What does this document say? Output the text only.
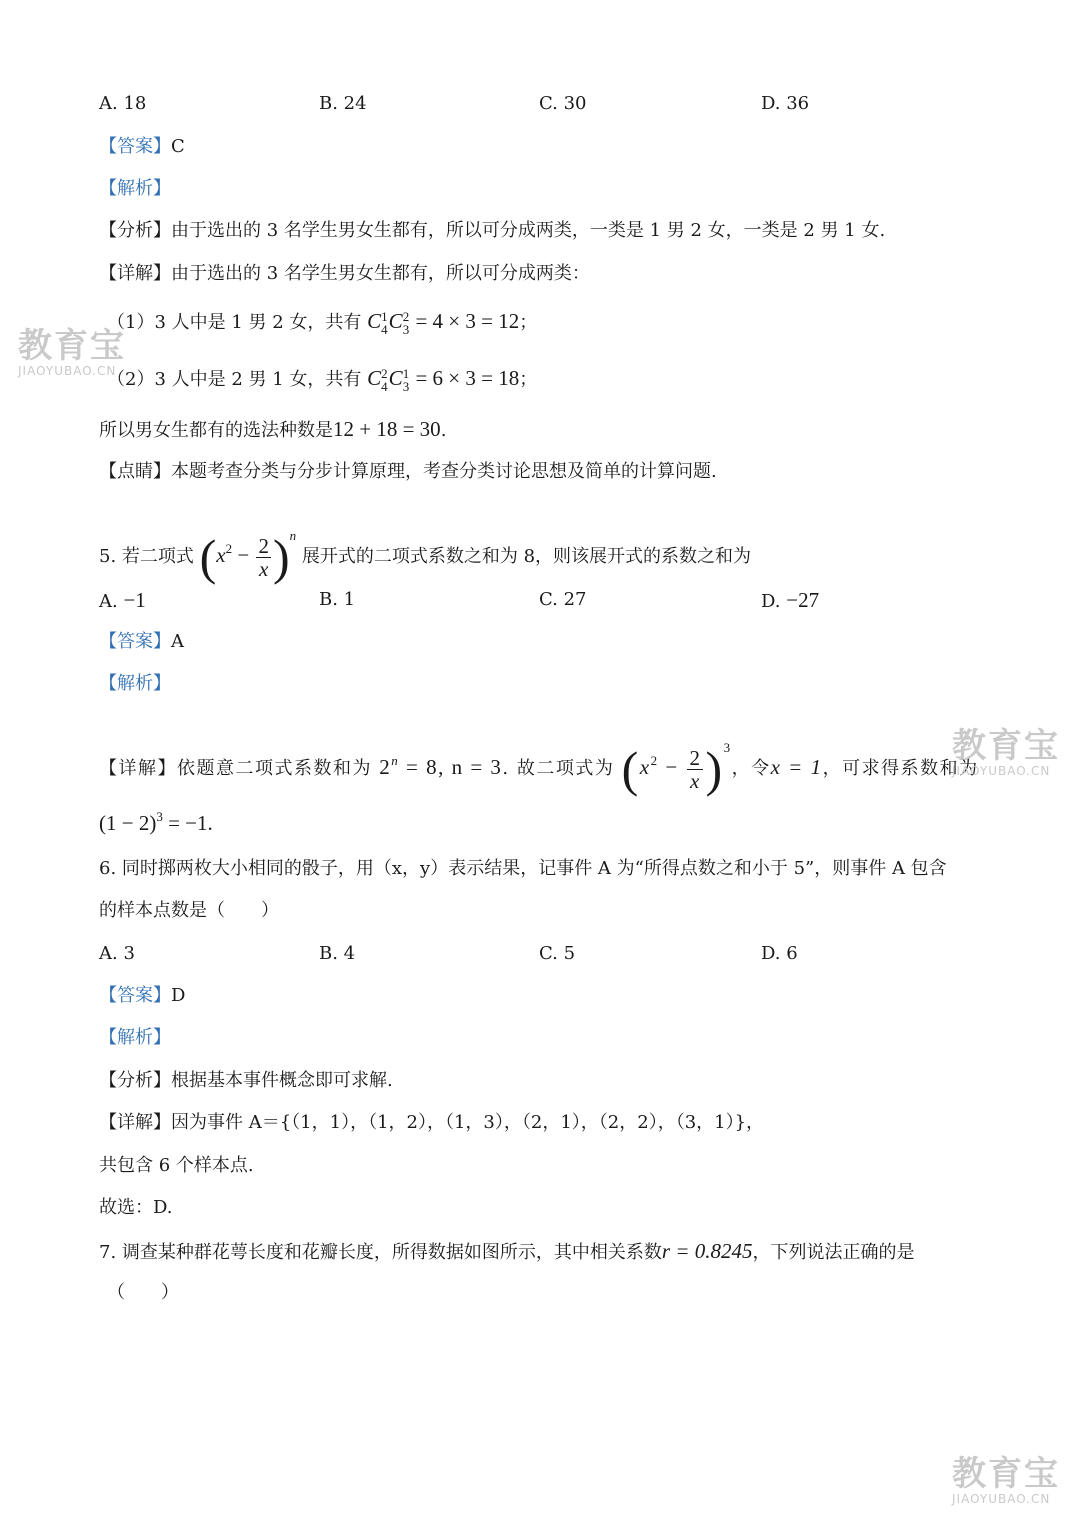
A. 18	B. 24	C. 30	D. 36
【答案】C
【解析】
【分析】由于选出的 3 名学生男女生都有，所以可分成两类，一类是 1 男 2 女，一类是 2 男 1 女.
【详解】由于选出的 3 名学生男女生都有，所以可分成两类：
（1）3 人中是 1 男 2 女，共有 C1
4C2
3 = 4 × 3 = 12；
（2）3 人中是 2 男 1 女，共有 C2
4C1
3 = 6 × 3 = 18；
所以男女生都有的选法种数是12 + 18 = 30.
【点睛】本题考查分类与分步计算原理，考查分类讨论思想及简单的计算问题.
5. 若二项式 $(x^2 - \frac{2}{x} )^n$ 展开式的二项式系数之和为 8，则该展开式的系数之和为
A. −1	B. 1	C. 27	D. −27
【答案】A
【解析】
【详解】依题意二项式系数和为 $2^n = 8$, n = 3. 故二项式为 $(x^2 - \frac{2}{x} )^3$，令x = 1，可求得系数和为
$(1 - 2)^3 = -1$.
6. 同时掷两枚大小相同的骰子，用（x，y）表示结果，记事件 A 为“所得点数之和小于 5”，则事件 A 包含
的样本点数是（　　）
A. 3	B. 4	C. 5	D. 6
【答案】D
【解析】
【分析】根据基本事件概念即可求解.
【详解】因为事件 A＝{（1，1），（1，2），（1，3），（2，1），（2，2），（3，1）}，
共包含 6 个样本点.
故选：D.
7. 调查某种群花萼长度和花瓣长度，所得数据如图所示，其中相关系数r = 0.8245，下列说法正确的是
（　　）
教育宝
JIAOYUBAO.CN
教育宝
JIAOYUBAO.CN
教育宝
JIAOYUBAO.CN
